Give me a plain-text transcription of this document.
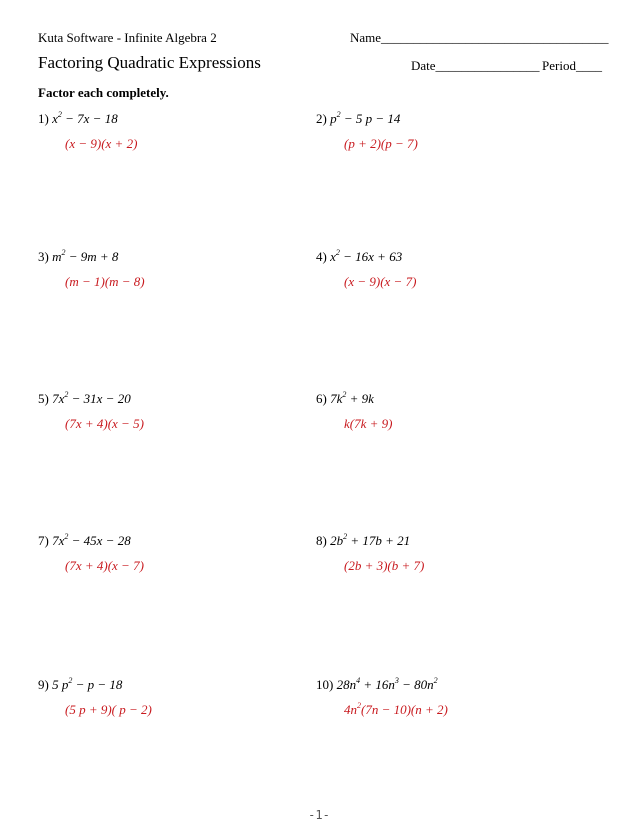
Kuta Software - Infinite Algebra 2	Name___________________________________
Factoring Quadratic Expressions	Date________________ Period____
Factor each completely.
1) $x^2 - 7x - 18$
(x − 9)(x + 2)
2) $p^2 - 5$ p − 14
(p + 2)(p − 7)
3) $m^2 - 9m + 8$
(m − 1)(m − 8)
4) $x^2 - 16x + 63$
(x − 9)(x − 7)
5) $7x^2 - 31x - 20$
(7x + 4)(x − 5)
6) $7k^2 + 9k$
k(7k + 9)
7) $7x^2 - 45x - 28$
(7x + 4)(x − 7)
8) $2b^2 + 17b + 21$
(2b + 3)(b + 7)
9) 5 $p^2 - p - 18$
(5 p + 9)( p − 2)
10) $28n^4 + 16n^3 - 80n^2$
$4n^2(7n - 10)(n + 2)$
-1-
